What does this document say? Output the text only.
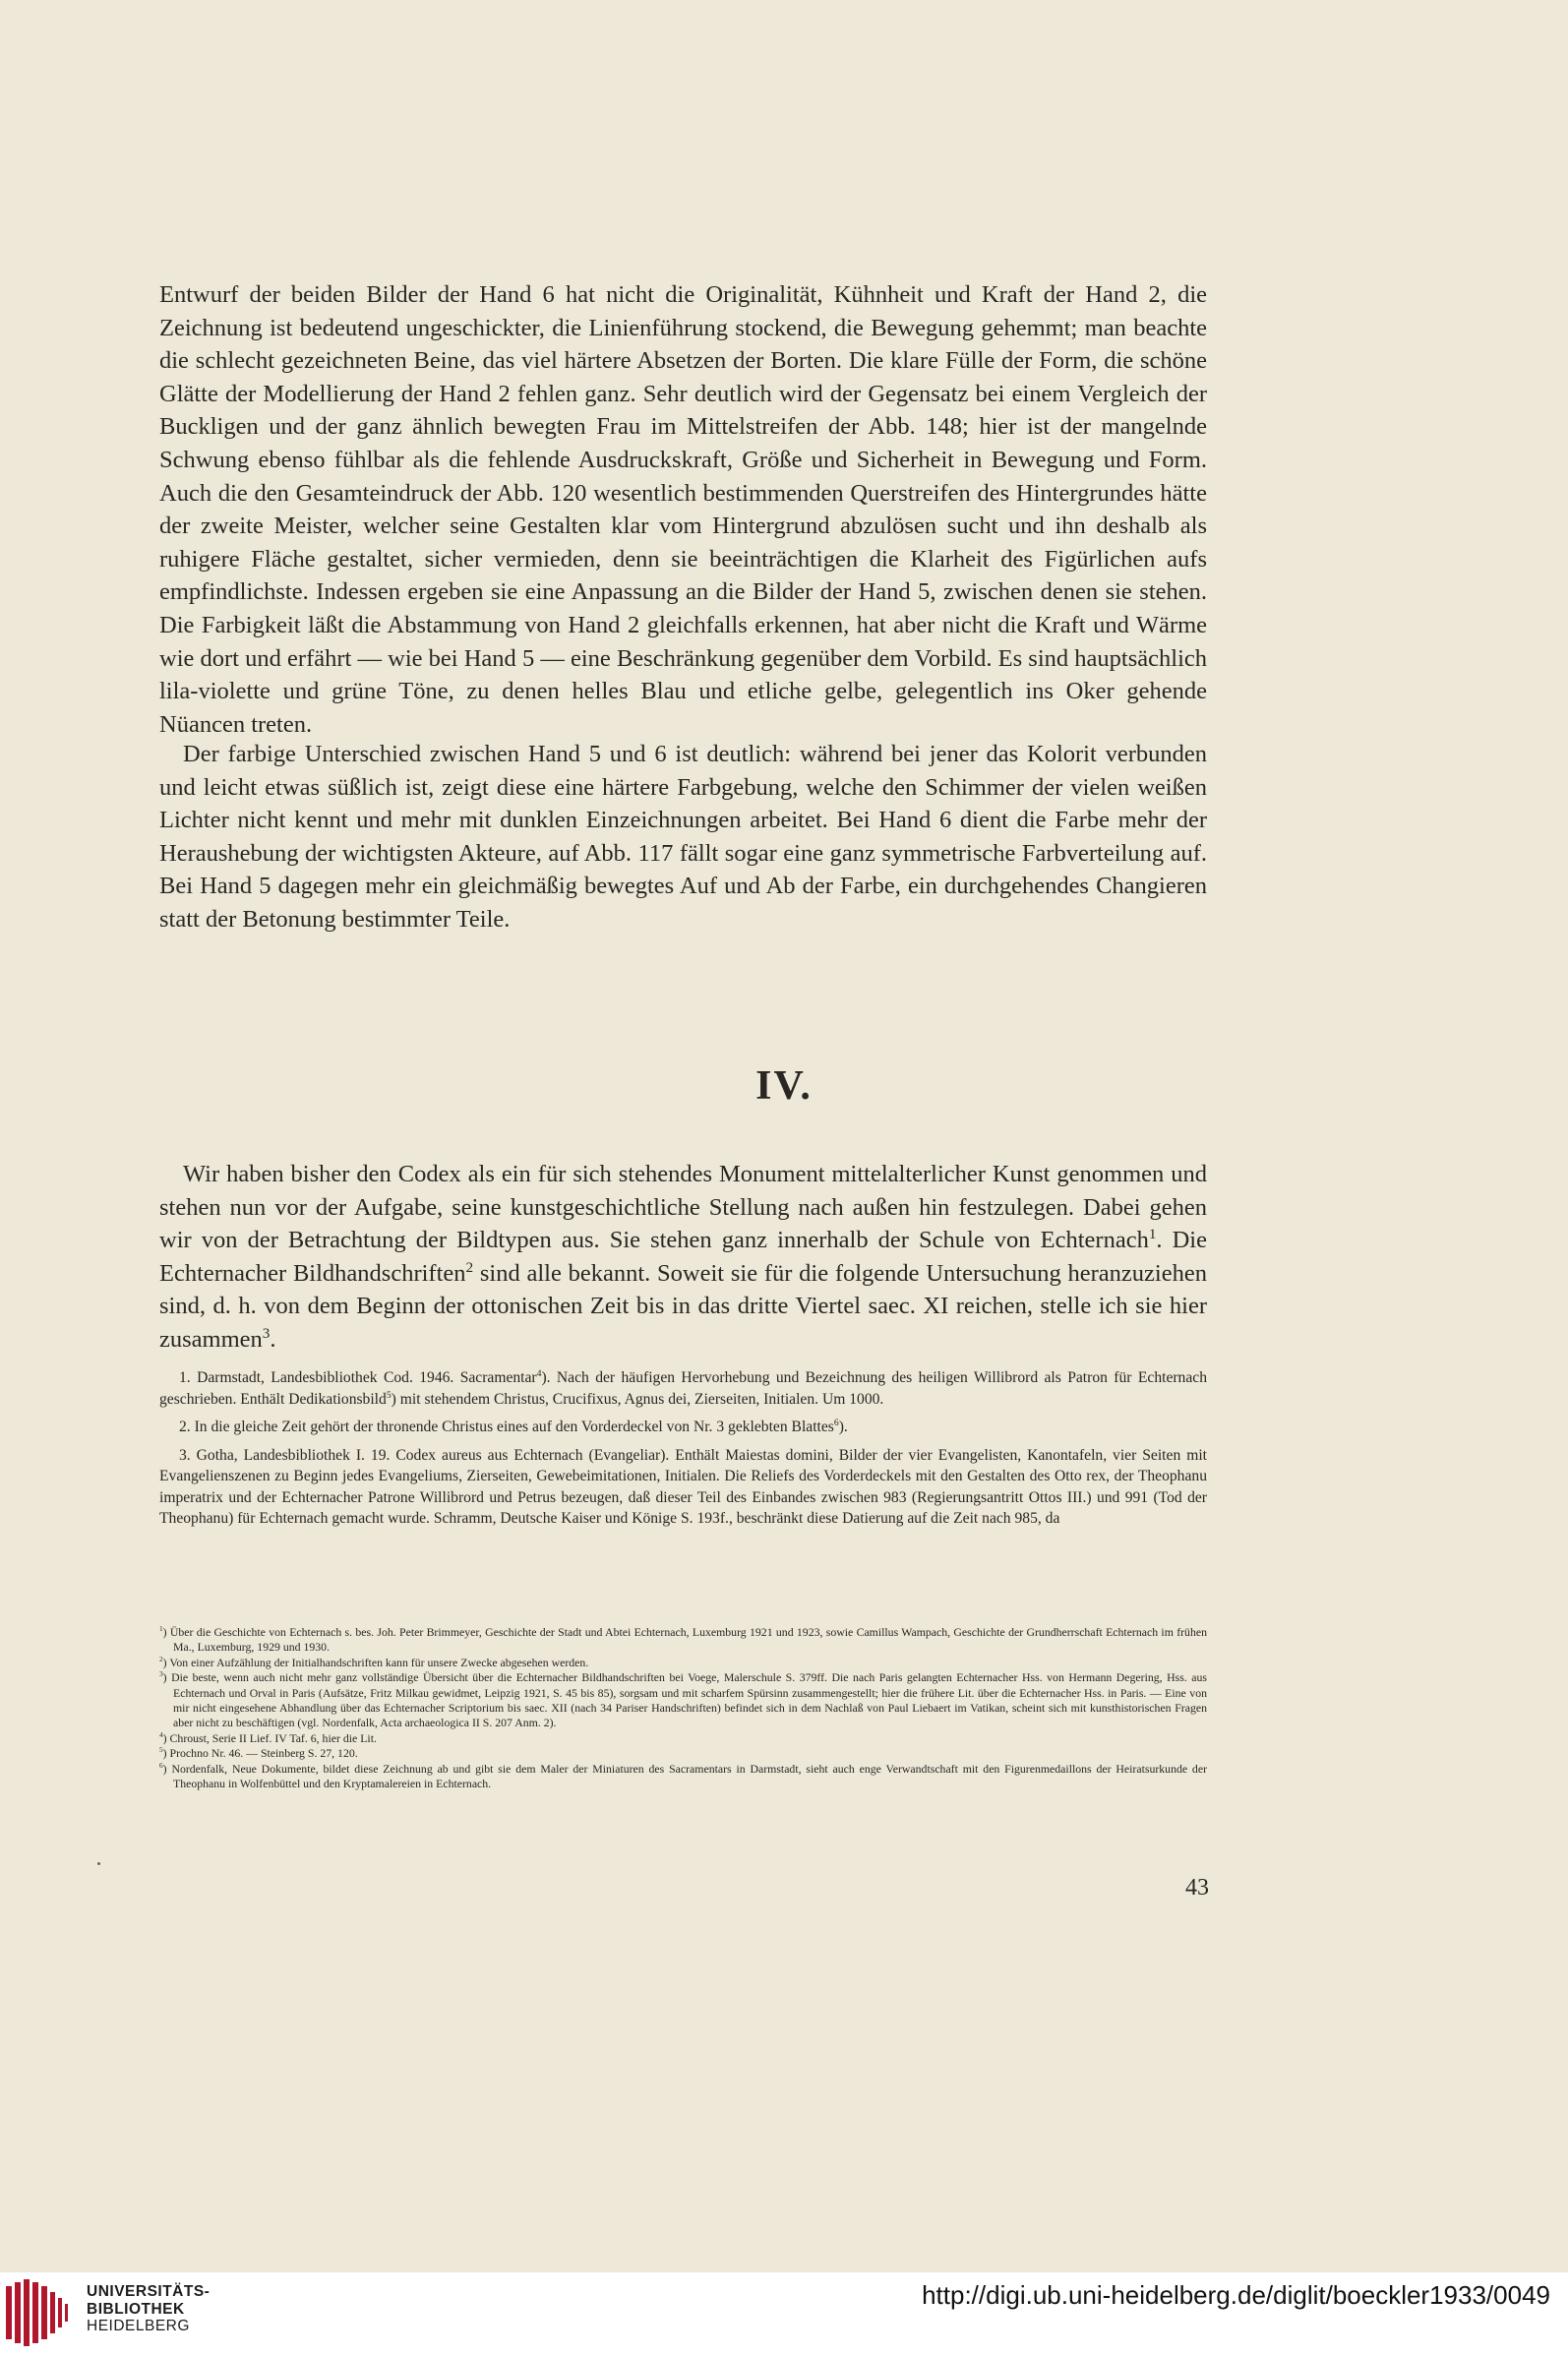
Entwurf der beiden Bilder der Hand 6 hat nicht die Originalität, Kühnheit und Kraft der Hand 2, die Zeichnung ist bedeutend ungeschickter, die Linienführung stockend, die Bewegung gehemmt; man beachte die schlecht gezeichneten Beine, das viel härtere Absetzen der Borten. Die klare Fülle der Form, die schöne Glätte der Modellierung der Hand 2 fehlen ganz. Sehr deutlich wird der Gegensatz bei einem Vergleich der Buckligen und der ganz ähnlich bewegten Frau im Mittelstreifen der Abb. 148; hier ist der mangelnde Schwung ebenso fühlbar als die fehlende Ausdruckskraft, Größe und Sicherheit in Bewegung und Form. Auch die den Gesamteindruck der Abb. 120 wesentlich bestimmenden Querstreifen des Hintergrundes hätte der zweite Meister, welcher seine Gestalten klar vom Hintergrund abzulösen sucht und ihn deshalb als ruhigere Fläche gestaltet, sicher vermieden, denn sie beeinträchtigen die Klarheit des Figürlichen aufs empfindlichste. Indessen ergeben sie eine Anpassung an die Bilder der Hand 5, zwischen denen sie stehen. Die Farbigkeit läßt die Abstammung von Hand 2 gleichfalls erkennen, hat aber nicht die Kraft und Wärme wie dort und erfährt — wie bei Hand 5 — eine Beschränkung gegenüber dem Vorbild. Es sind hauptsächlich lila-violette und grüne Töne, zu denen helles Blau und etliche gelbe, gelegentlich ins Oker gehende Nüancen treten.

Der farbige Unterschied zwischen Hand 5 und 6 ist deutlich: während bei jener das Kolorit verbunden und leicht etwas süßlich ist, zeigt diese eine härtere Farbgebung, welche den Schimmer der vielen weißen Lichter nicht kennt und mehr mit dunklen Einzeichnungen arbeitet. Bei Hand 6 dient die Farbe mehr der Heraushebung der wichtigsten Akteure, auf Abb. 117 fällt sogar eine ganz symmetrische Farbverteilung auf. Bei Hand 5 dagegen mehr ein gleichmäßig bewegtes Auf und Ab der Farbe, ein durchgehendes Changieren statt der Betonung bestimmter Teile.

IV.

Wir haben bisher den Codex als ein für sich stehendes Monument mittelalterlicher Kunst genommen und stehen nun vor der Aufgabe, seine kunstgeschichtliche Stellung nach außen hin festzulegen. Dabei gehen wir von der Betrachtung der Bildtypen aus. Sie stehen ganz innerhalb der Schule von Echternach$^1$. Die Echternacher Bildhandschriften$^2$ sind alle bekannt. Soweit sie für die folgende Untersuchung heranzuziehen sind, d. h. von dem Beginn der ottonischen Zeit bis in das dritte Viertel saec. XI reichen, stelle ich sie hier zusammen$^3$.

1. Darmstadt, Landesbibliothek Cod. 1946. Sacramentar$^4$). Nach der häufigen Hervorhebung und Bezeichnung des heiligen Willibrord als Patron für Echternach geschrieben. Enthält Dedikationsbild$^5$) mit stehendem Christus, Crucifixus, Agnus dei, Zierseiten, Initialen. Um 1000.

2. In die gleiche Zeit gehört der thronende Christus eines auf den Vorderdeckel von Nr. 3 geklebten Blattes$^6$).

3. Gotha, Landesbibliothek I. 19. Codex aureus aus Echternach (Evangeliar). Enthält Maiestas domini, Bilder der vier Evangelisten, Kanontafeln, vier Seiten mit Evangelienszenen zu Beginn jedes Evangeliums, Zierseiten, Gewebeimitationen, Initialen. Die Reliefs des Vorderdeckels mit den Gestalten des Otto rex, der Theophanu imperatrix und der Echternacher Patrone Willibrord und Petrus bezeugen, daß dieser Teil des Einbandes zwischen 983 (Regierungsantritt Ottos III.) und 991 (Tod der Theophanu) für Echternach gemacht wurde. Schramm, Deutsche Kaiser und Könige S. 193f., beschränkt diese Datierung auf die Zeit nach 985, da

$^1$) Über die Geschichte von Echternach s. bes. Joh. Peter Brimmeyer, Geschichte der Stadt und Abtei Echternach, Luxemburg 1921 und 1923, sowie Camillus Wampach, Geschichte der Grundherrschaft Echternach im frühen Ma., Luxemburg, 1929 und 1930.

$^2$) Von einer Aufzählung der Initialhandschriften kann für unsere Zwecke abgesehen werden.

$^3$) Die beste, wenn auch nicht mehr ganz vollständige Übersicht über die Echternacher Bildhandschriften bei Voege, Malerschule S. 379ff. Die nach Paris gelangten Echternacher Hss. von Hermann Degering, Hss. aus Echternach und Orval in Paris (Aufsätze, Fritz Milkau gewidmet, Leipzig 1921, S. 45 bis 85), sorgsam und mit scharfem Spürsinn zusammengestellt; hier die frühere Lit. über die Echternacher Hss. in Paris. — Eine von mir nicht eingesehene Abhandlung über das Echternacher Scriptorium bis saec. XII (nach 34 Pariser Handschriften) befindet sich in dem Nachlaß von Paul Liebaert im Vatikan, scheint sich mit kunsthistorischen Fragen aber nicht zu beschäftigen (vgl. Nordenfalk, Acta archaeologica II S. 207 Anm. 2).

$^4$) Chroust, Serie II Lief. IV Taf. 6, hier die Lit.

$^5$) Prochno Nr. 46. — Steinberg S. 27, 120.

$^6$) Nordenfalk, Neue Dokumente, bildet diese Zeichnung ab und gibt sie dem Maler der Miniaturen des Sacramentars in Darmstadt, sieht auch enge Verwandtschaft mit den Figurenmedaillons der Heiratsurkunde der Theophanu in Wolfenbüttel und den Kryptamalereien in Echternach.

43
UNIVERSITÄTS-
BIBLIOTHEK
HEIDELBERG
http://digi.ub.uni-heidelberg.de/diglit/boeckler1933/0049
